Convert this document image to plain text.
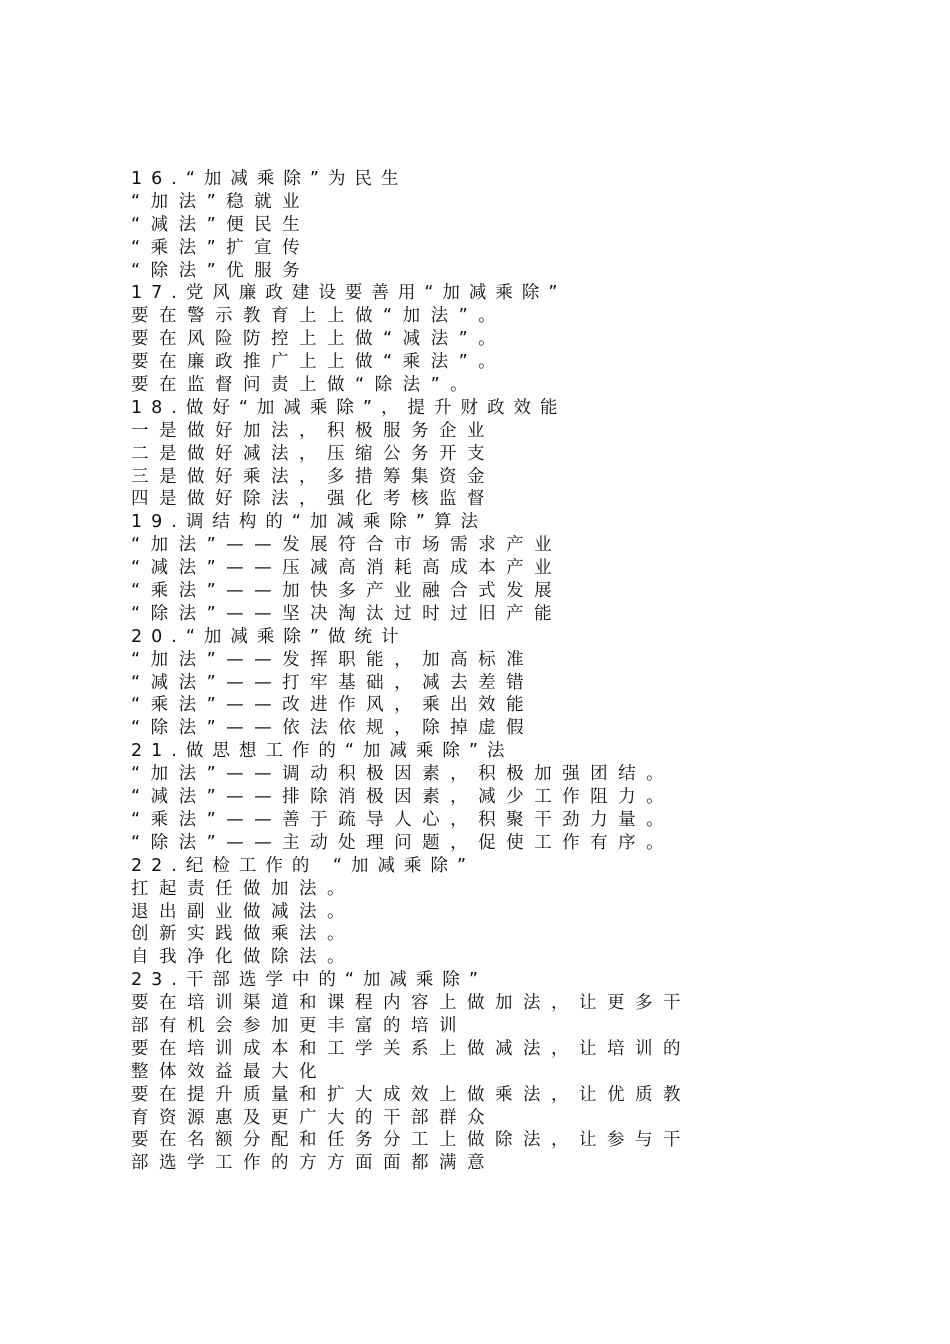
16.“加减乘除”为民生
“加法”稳就业
“减法”便民生
“乘法”扩宣传
“除法”优服务
17.党风廉政建设要善用“加减乘除”
要在警示教育上上做“加法”。
要在风险防控上上做“减法”。
要在廉政推广上上做“乘法”。
要在监督问责上做“除法”。
18.做好“加减乘除”，提升财政效能
一是做好加法，积极服务企业
二是做好减法，压缩公务开支
三是做好乘法，多措筹集资金
四是做好除法，强化考核监督
19.调结构的“加减乘除”算法
“加法”——发展符合市场需求产业
“减法”——压减高消耗高成本产业
“乘法”——加快多产业融合式发展
“除法”——坚决淘汰过时过旧产能
20.“加减乘除”做统计
“加法”——发挥职能，加高标准
“减法”——打牢基础，减去差错
“乘法”——改进作风，乘出效能
“除法”——依法依规，除掉虚假
21.做思想工作的“加减乘除”法
“加法”——调动积极因素，积极加强团结。
“减法”——排除消极因素，减少工作阻力。
“乘法”——善于疏导人心，积聚干劲力量。
“除法”——主动处理问题，促使工作有序。
22.纪检工作的 “加减乘除”
扛起责任做加法。
退出副业做减法。
创新实践做乘法。
自我净化做除法。
23.干部选学中的“加减乘除”
要在培训渠道和课程内容上做加法，让更多干
部有机会参加更丰富的培训
要在培训成本和工学关系上做减法，让培训的
整体效益最大化
要在提升质量和扩大成效上做乘法，让优质教
育资源惠及更广大的干部群众
要在名额分配和任务分工上做除法，让参与干
部选学工作的方方面面都满意
